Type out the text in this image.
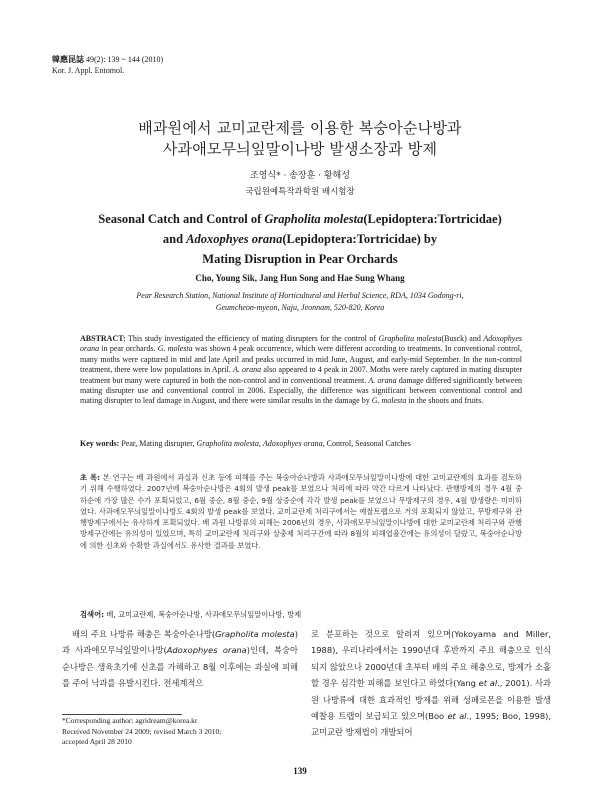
韓應昆誌 49(2): 139 ~ 144 (2010)
Kor. J. Appl. Entomol.
배과원에서 교미교란제를 이용한 복숭아순나방과
사과애모무늬잎말이나방 발생소장과 방제
조영식* · 송장훈 · 황해성
국립원예특작과학원 배시험장
Seasonal Catch and Control of Grapholita molesta(Lepidoptera:Tortricidae)
and Adoxophyes orana(Lepidoptera:Tortricidae) by
Mating Disruption in Pear Orchards
Cho, Young Sik, Jang Hun Song and Hae Sung Whang
Pear Research Station, National Institute of Horticultural and Herbal Science, RDA, 1034 Godong-ri,
Geumcheon-myeon, Naju, Jeonnam, 520-820, Korea
ABSTRACT: This study investigated the efficiency of mating disrupters for the control of Grapholita molesta(Busck) and Adoxophyes orana in pear orchards. G. molesta was shown 4 peak occurrence, which were different according to treatments. In conventional control, many moths were captured in mid and late April and peaks occurred in mid June, August, and early-mid September. In the non-control treatment, there were low populations in April. A. orana also appeared to 4 peak in 2007. Moths were rarely captured in mating disrupter treatment but many were captured in both the non-control and in conventional treatment. A. orana damage differed significantly between mating disrupter use and conventional control in 2006. Especially, the difference was significant between conventional control and mating disrupter to leaf damage in August, and there were similar results in the damage by G. molesta in the shoots and fruits.
Key words: Pear, Mating disrupter, Grapholita molesta, Adoxophyes orana, Control, Seasonal Catches
초 록: 본 연구는 배 과원에서 과실과 신초 등에 피해를 주는 복숭아순나방과 사과애모무늬잎말이나방에 대한 교미교란제의 효과를 검토하기 위해 수행하였다. 2007년에 복숭아순나방은 4회의 발생 peak를 보였으나 처리에 따라 약간 다르게 나타났다. 관행방제의 경우 4월 중하순에 가장 많은 수가 포획되었고, 6월 중순, 8월 중순, 9월 상중순에 각각 발생 peak를 보였으나 무방제구의 경우, 4월 발생량은 미미하였다. 사과애모무늬잎말이나방도 4회의 발생 peak를 보였다. 교미교란제 처리구에서는 예찰트랩으로 거의 포획되지 않았고, 무방제구와 관행방제구에서는 유사하게 포획되었다. 배 과원 나방류의 피해는 2006년의 경우, 사과애모무늬잎말이나방에 대한 교미교란제 처리구와 관행방제구간에는 유의성이 있었으며, 특히 교미교란제 처리구와 살충제 처리구간에 따라 8월의 피해엽율간에는 유의성이 달랐고, 복숭아순나방에 의한 신초와 수확한 과실에서도 유사한 결과를 보였다.
검색어: 배, 교미교란제, 복숭아순나방, 사과애모무늬잎말이나방, 방제
배의 주요 나방류 해충은 복숭아순나방(Grapholita molesta)과 사과애모무늬잎말이나방(Adoxophyes orana)인데, 복숭아순나방은 생육초기에 신초를 가해하고 8월 이후에는 과실에 피해를 주어 낙과를 유발시킨다. 전세계적으
로 분포하는 것으로 알려져 있으며(Yokoyama and Miller, 1988), 우리나라에서는 1990년대 후반까지 주요 해충으로 인식되지 않았으나 2000년대 초부터 배의 주요 해충으로, 방제가 소홀할 경우 심각한 피해를 보인다고 하였다(Yang et al., 2001). 사과원 나방류에 대한 효과적인 방제를 위해 성페로몬을 이용한 발생 예찰용 트랩이 보급되고 있으며(Boo et al., 1995; Boo, 1998), 교미교란 방제법이 개발되어
*Corresponding author: agridream@korea.kr
Received November 24 2009; revised March 3 2010;
accepted April 28 2010
139
